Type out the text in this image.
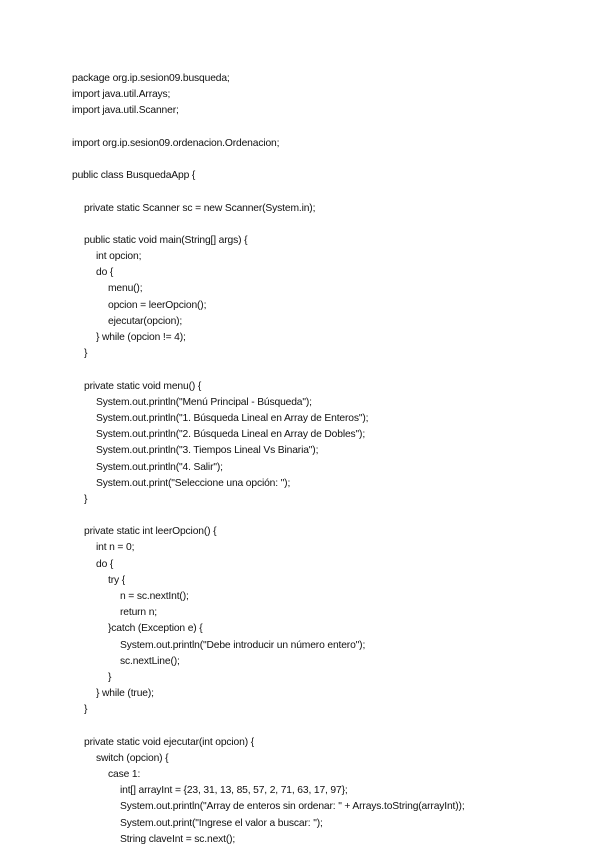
package org.ip.sesion09.busqueda;
import java.util.Arrays;
import java.util.Scanner;
import org.ip.sesion09.ordenacion.Ordenacion;
public class BusquedaApp {
private static Scanner sc = new Scanner(System.in);
public static void main(String[] args) {
int opcion;
do {
menu();
opcion = leerOpcion();
ejecutar(opcion);
} while (opcion != 4);
}
private static void menu() {
System.out.println("Menú Principal - Búsqueda");
System.out.println("1. Búsqueda Lineal en Array de Enteros");
System.out.println("2. Búsqueda Lineal en Array de Dobles");
System.out.println("3. Tiempos Lineal Vs Binaria");
System.out.println("4. Salir");
System.out.print("Seleccione una opción: ");
}
private static int leerOpcion() {
int n = 0;
do {
try {
n = sc.nextInt();
return n;
}catch (Exception e) {
System.out.println("Debe introducir un número entero");
sc.nextLine();
}
} while (true);
}
private static void ejecutar(int opcion) {
switch (opcion) {
case 1:
int[] arrayInt = {23, 31, 13, 85, 57, 2, 71, 63, 17, 97};
System.out.println("Array de enteros sin ordenar: " + Arrays.toString(arrayInt));
System.out.print("Ingrese el valor a buscar: ");
String claveInt = sc.next();
